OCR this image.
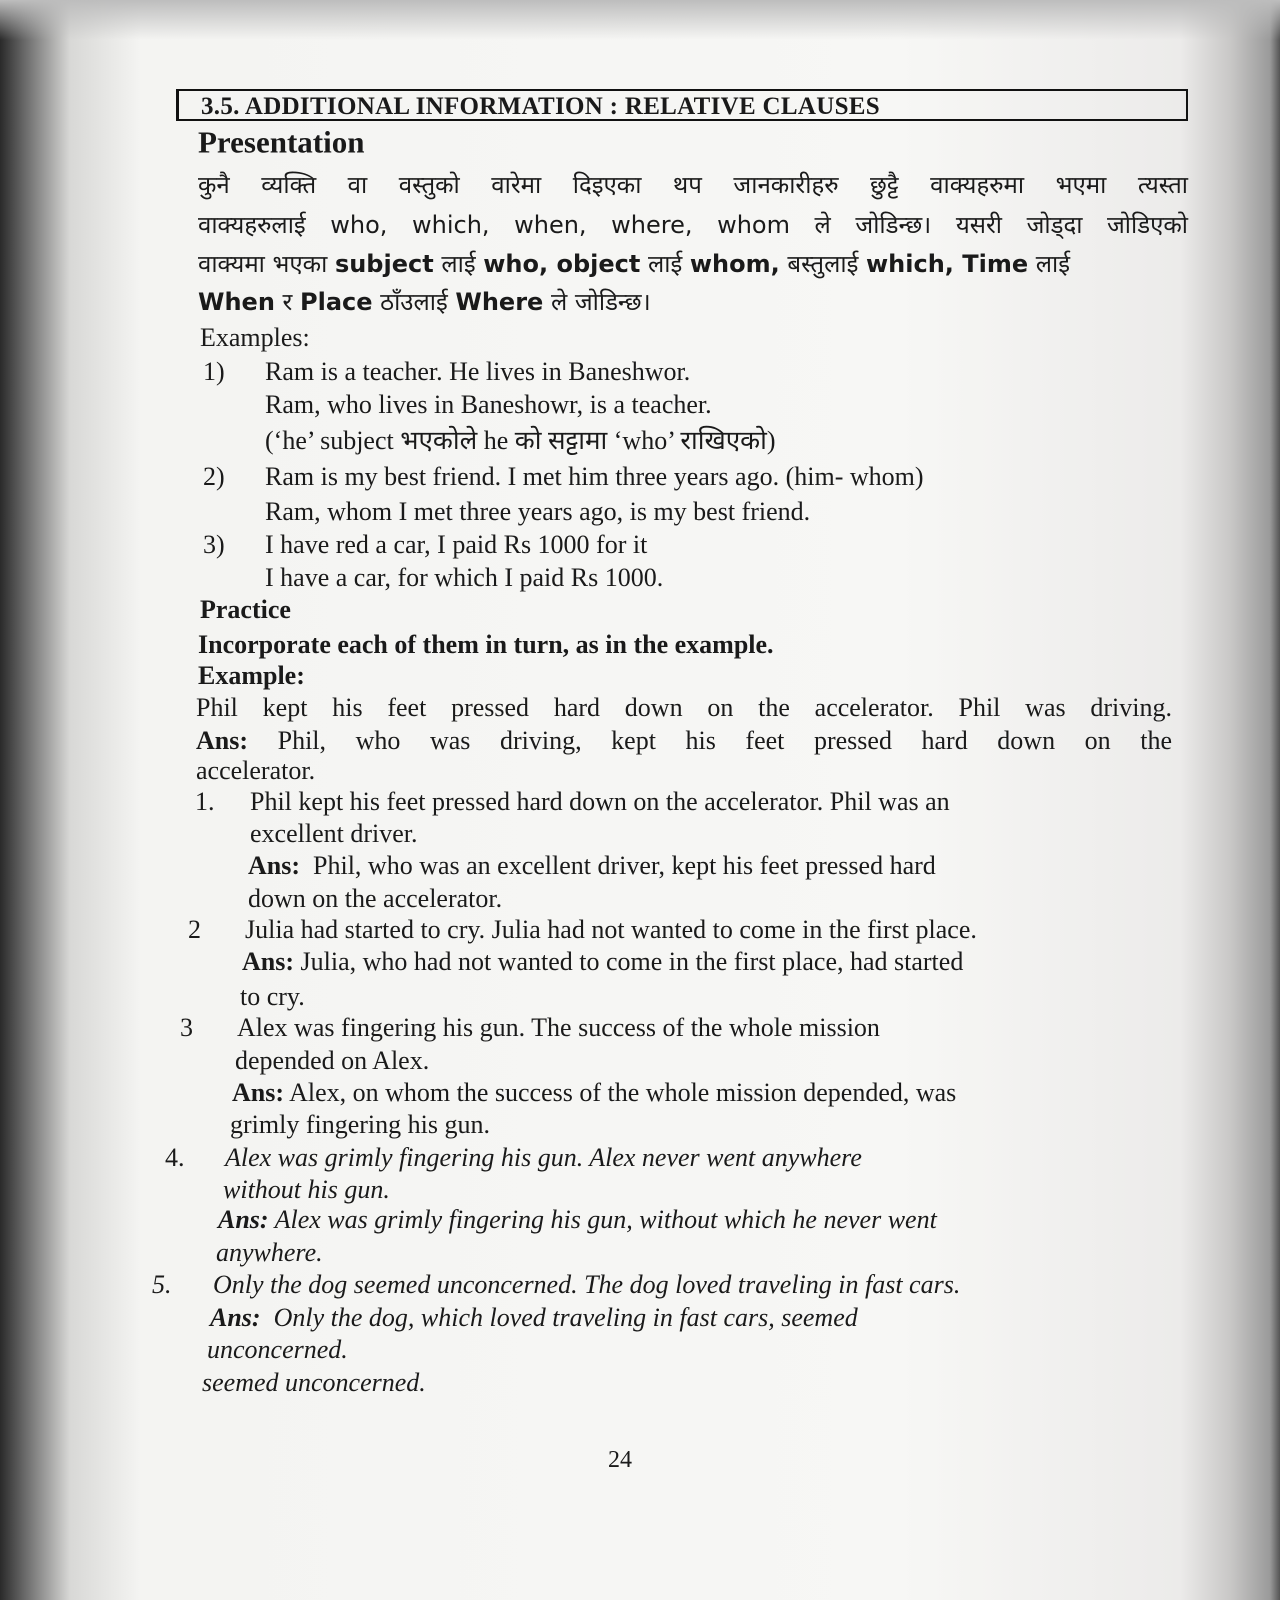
3.5. ADDITIONAL INFORMATION : RELATIVE CLAUSES
Presentation
कुनै व्यक्ति वा वस्तुको वारेमा दिइएका थप जानकारीहरु छुट्टै वाक्यहरुमा भएमा त्यस्ता
वाक्यहरुलाई who, which, when, where, whom ले जोडिन्छ। यसरी जोड्दा जोडिएको
वाक्यमा भएका subject लाई who, object लाई whom, बस्तुलाई which, Time लाई
When र Place ठाँउलाई Where ले जोडिन्छ।
Examples:
1) Ram is a teacher. He lives in Baneshwor.
Ram, who lives in Baneshowr, is a teacher.
(‘he’ subject भएकोले he को सट्टामा ‘who’ राखिएको)
2) Ram is my best friend. I met him three years ago. (him- whom)
Ram, whom I met three years ago, is my best friend.
3) I have red a car, I paid Rs 1000 for it
I have a car, for which I paid Rs 1000.
Practice
Incorporate each of them in turn, as in the example.
Example:
Phil kept his feet pressed hard down on the accelerator. Phil was driving.
Ans: Phil, who was driving, kept his feet pressed hard down on the
accelerator.
1. Phil kept his feet pressed hard down on the accelerator. Phil was an
excellent driver.
Ans: Phil, who was an excellent driver, kept his feet pressed hard
down on the accelerator.
2 Julia had started to cry. Julia had not wanted to come in the first place.
Ans: Julia, who had not wanted to come in the first place, had started
to cry.
3 Alex was fingering his gun. The success of the whole mission
depended on Alex.
Ans: Alex, on whom the success of the whole mission depended, was
grimly fingering his gun.
4. Alex was grimly fingering his gun. Alex never went anywhere
without his gun.
Ans: Alex was grimly fingering his gun, without which he never went
anywhere.
5. Only the dog seemed unconcerned. The dog loved traveling in fast cars.
Ans: Only the dog, which loved traveling in fast cars, seemed
unconcerned.
seemed unconcerned.
24
